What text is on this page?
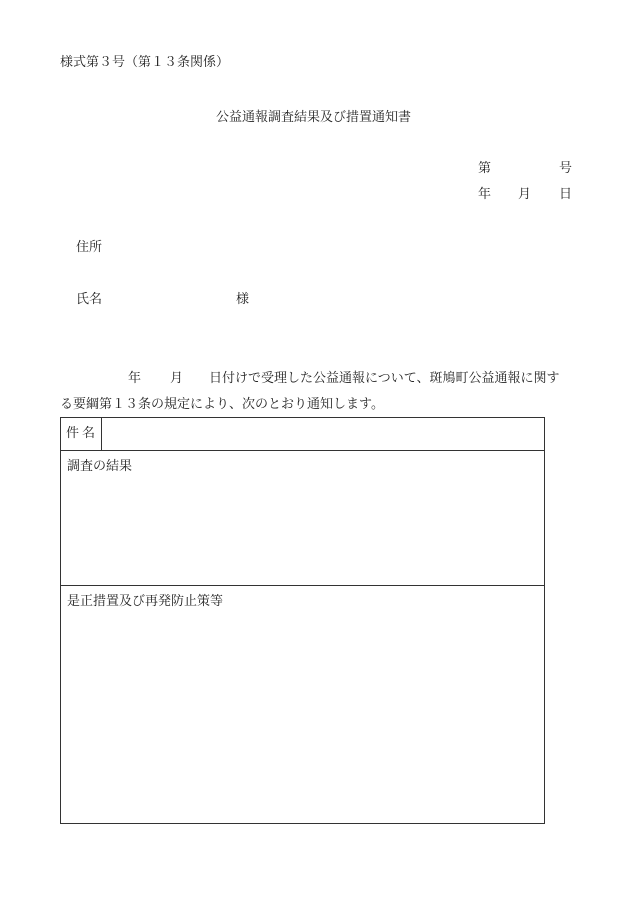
様式第３号（第１３条関係）
公益通報調査結果及び措置通知書
第	号
年 月 日
住所
氏名	様
年 月 日付けで受理した公益通報について、斑鳩町公益通報に関す
る要綱第１３条の規定により、次のとおり通知します。
件名
調査の結果
是正措置及び再発防止策等
